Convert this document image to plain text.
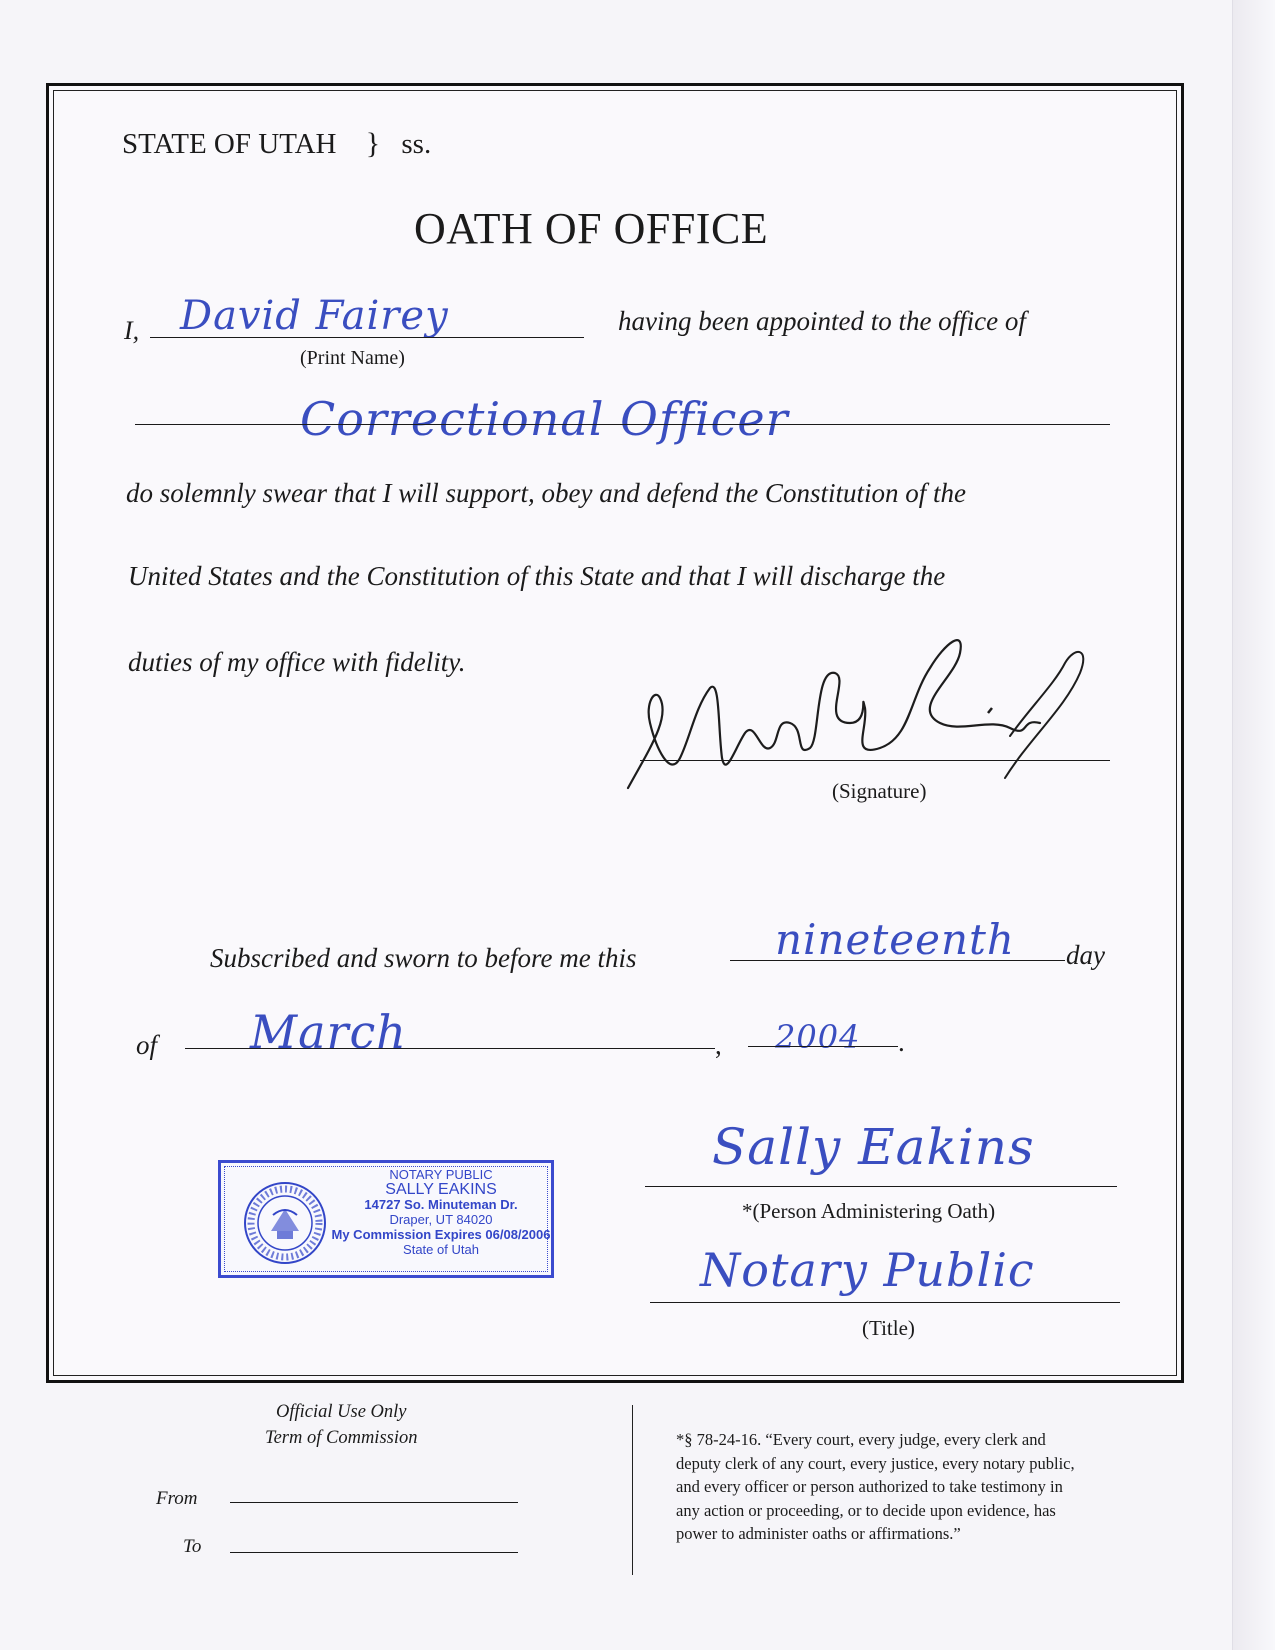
STATE OF UTAH } ss.
OATH OF OFFICE
I, David Fairey
(Print Name)
having been appointed to the office of
Correctional Officer
do solemnly swear that I will support, obey and defend the Constitution of the
United States and the Constitution of this State and that I will discharge the
duties of my office with fidelity.
(Signature)
Subscribed and sworn to before me this	nineteenth day
of March	, 2004 .
NOTARY PUBLIC
SALLY EAKINS
14727 So. Minuteman Dr.
Draper, UT 84020
My Commission Expires 06/08/2006
State of Utah
Sally Eakins
*(Person Administering Oath)
Notary Public
(Title)
Official Use Only
Term of Commission
From
To
*§ 78-24-16. “Every court, every judge, every clerk and
deputy clerk of any court, every justice, every notary public,
and every officer or person authorized to take testimony in
any action or proceeding, or to decide upon evidence, has
power to administer oaths or affirmations.”
